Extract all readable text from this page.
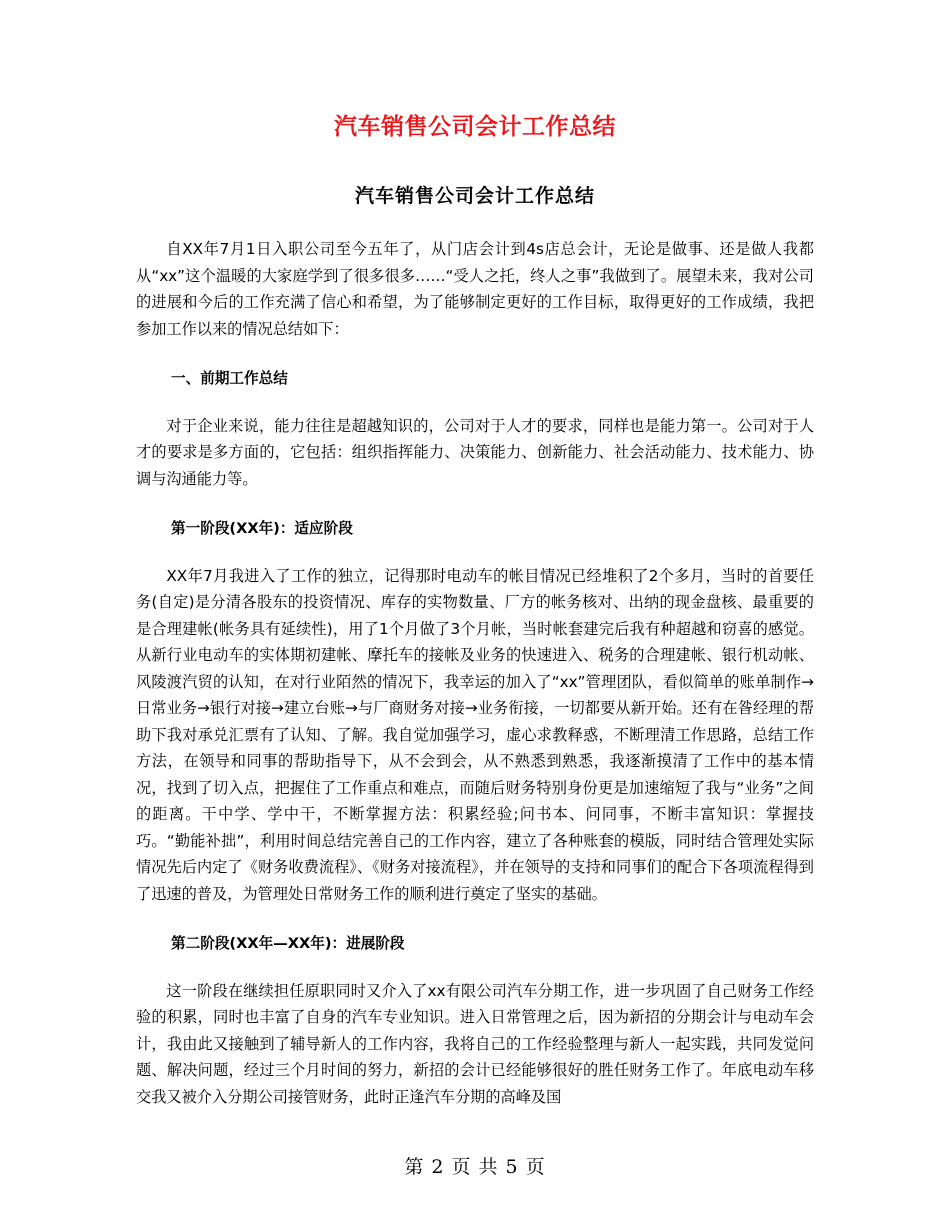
汽车销售公司会计工作总结
汽车销售公司会计工作总结

自XX年7月1日入职公司至今五年了，从门店会计到4s店总会计，无论是做事、还是做人我都从“xx”这个温暖的大家庭学到了很多很多……“受人之托，终人之事”我做到了。展望未来，我对公司的进展和今后的工作充满了信心和希望，为了能够制定更好的工作目标，取得更好的工作成绩，我把参加工作以来的情况总结如下：

一、前期工作总结

对于企业来说，能力往往是超越知识的，公司对于人才的要求，同样也是能力第一。公司对于人才的要求是多方面的，它包括：组织指挥能力、决策能力、创新能力、社会活动能力、技术能力、协调与沟通能力等。

第一阶段(XX年)：适应阶段

XX年7月我进入了工作的独立，记得那时电动车的帐目情况已经堆积了2个多月，当时的首要任务(自定)是分清各股东的投资情况、库存的实物数量、厂方的帐务核对、出纳的现金盘核、最重要的是合理建帐(帐务具有延续性)，用了1个月做了3个月帐，当时帐套建完后我有种超越和窃喜的感觉。从新行业电动车的实体期初建帐、摩托车的接帐及业务的快速进入、税务的合理建帐、银行机动帐、风陵渡汽贸的认知，在对行业陌然的情况下，我幸运的加入了“xx”管理团队，看似简单的账单制作→日常业务→银行对接→建立台账→与厂商财务对接→业务衔接，一切都要从新开始。还有在昝经理的帮助下我对承兑汇票有了认知、了解。我自觉加强学习，虚心求教释惑，不断理清工作思路，总结工作方法，在领导和同事的帮助指导下，从不会到会，从不熟悉到熟悉，我逐渐摸清了工作中的基本情况，找到了切入点，把握住了工作重点和难点，而随后财务特别身份更是加速缩短了我与“业务”之间的距离。干中学、学中干，不断掌握方法：积累经验;问书本、问同事，不断丰富知识：掌握技巧。“勤能补拙”，利用时间总结完善自己的工作内容，建立了各种账套的模版，同时结合管理处实际情况先后内定了《财务收费流程》、《财务对接流程》，并在领导的支持和同事们的配合下各项流程得到了迅速的普及，为管理处日常财务工作的顺利进行奠定了坚实的基础。

第二阶段(XX年—XX年)：进展阶段

这一阶段在继续担任原职同时又介入了xx有限公司汽车分期工作，进一步巩固了自己财务工作经验的积累，同时也丰富了自身的汽车专业知识。进入日常管理之后，因为新招的分期会计与电动车会计，我由此又接触到了辅导新人的工作内容，我将自己的工作经验整理与新人一起实践，共同发觉问题、解决问题，经过三个月时间的努力，新招的会计已经能够很好的胜任财务工作了。年底电动车移交我又被介入分期公司接管财务，此时正逢汽车分期的高峰及国

第 2 页 共 5 页
